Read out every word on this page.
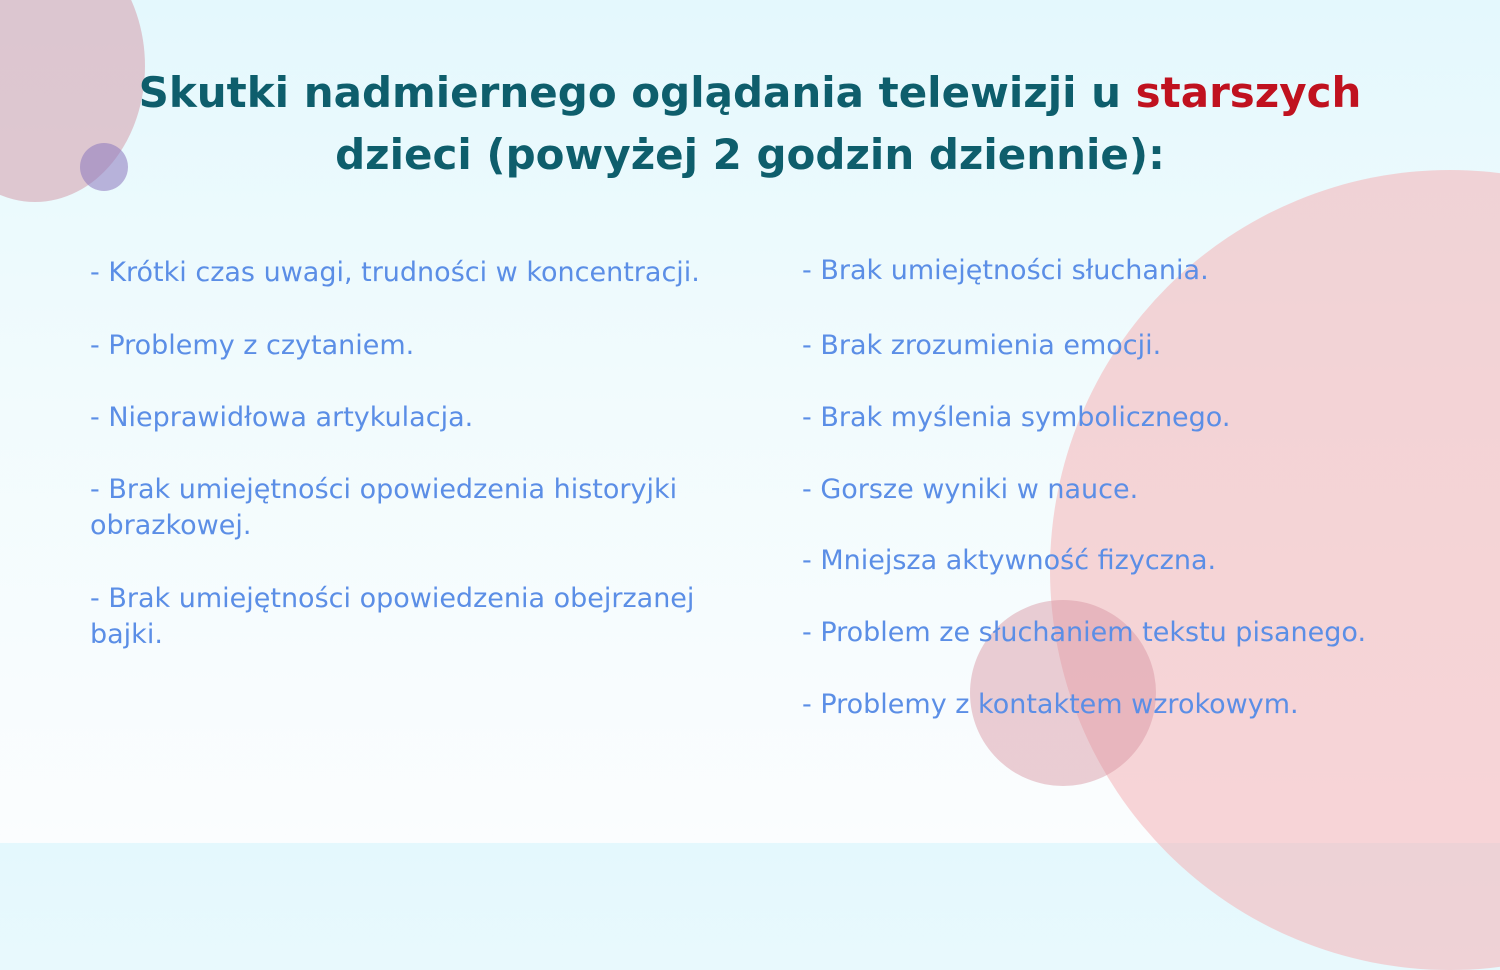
Skutki nadmiernego oglądania telewizji u starszych
dzieci (powyżej 2 godzin dziennie):
- Krótki czas uwagi, trudności w koncentracji.
- Problemy z czytaniem.
- Nieprawidłowa artykulacja.
- Brak umiejętności opowiedzenia historyjki obrazkowej.
- Brak umiejętności opowiedzenia obejrzanej bajki.
- Brak umiejętności słuchania.
- Brak zrozumienia emocji.
- Brak myślenia symbolicznego.
- Gorsze wyniki w nauce.
- Mniejsza aktywność fizyczna.
- Problem ze słuchaniem tekstu pisanego.
- Problemy z kontaktem wzrokowym.
